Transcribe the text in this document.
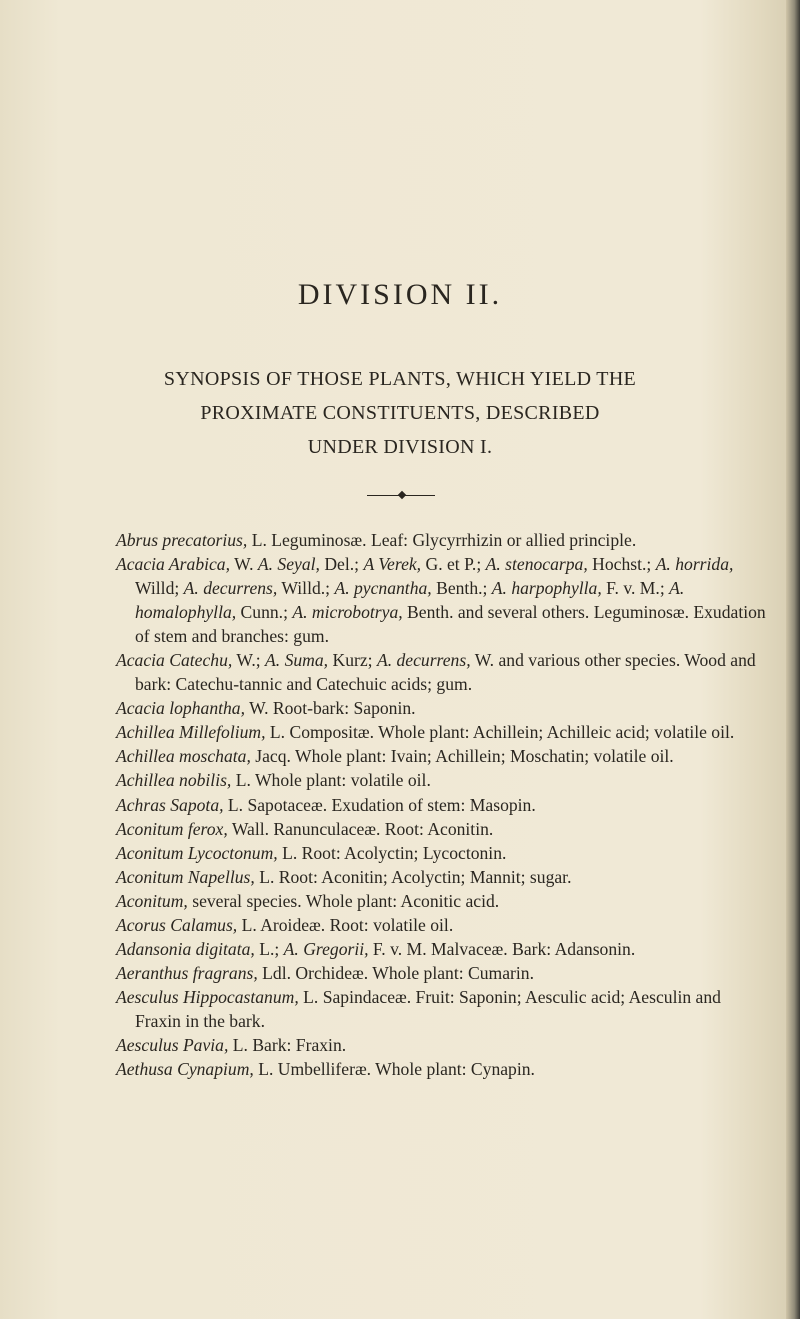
DIVISION II.
SYNOPSIS OF THOSE PLANTS, WHICH YIELD THE
PROXIMATE CONSTITUENTS, DESCRIBED
UNDER DIVISION I.
Abrus precatorius, L. Leguminosæ. Leaf: Glycyrrhizin or allied principle.
Acacia Arabica, W. A. Seyal, Del.; A Verek, G. et P.; A. stenocarpa, Hochst.; A. horrida, Willd; A. decurrens, Willd.; A. pycnantha, Benth.; A. harpophylla, F. v. M.; A. homalophylla, Cunn.; A. microbotrya, Benth. and several others. Leguminosæ. Exudation of stem and branches: gum.
Acacia Catechu, W.; A. Suma, Kurz; A. decurrens, W. and various other species. Wood and bark: Catechu-tannic and Catechuic acids; gum.
Acacia lophantha, W. Root-bark: Saponin.
Achillea Millefolium, L. Compositæ. Whole plant: Achillein; Achilleic acid; volatile oil.
Achillea moschata, Jacq. Whole plant: Ivain; Achillein; Moschatin; volatile oil.
Achillea nobilis, L. Whole plant: volatile oil.
Achras Sapota, L. Sapotaceæ. Exudation of stem: Masopin.
Aconitum ferox, Wall. Ranunculaceæ. Root: Aconitin.
Aconitum Lycoctonum, L. Root: Acolyctin; Lycoctonin.
Aconitum Napellus, L. Root: Aconitin; Acolyctin; Mannit; sugar.
Aconitum, several species. Whole plant: Aconitic acid.
Acorus Calamus, L. Aroideæ. Root: volatile oil.
Adansonia digitata, L.; A. Gregorii, F. v. M. Malvaceæ. Bark: Adansonin.
Aeranthus fragrans, Ldl. Orchideæ. Whole plant: Cumarin.
Aesculus Hippocastanum, L. Sapindaceæ. Fruit: Saponin; Aesculic acid; Aesculin and Fraxin in the bark.
Aesculus Pavia, L. Bark: Fraxin.
Aethusa Cynapium, L. Umbelliferæ. Whole plant: Cynapin.
